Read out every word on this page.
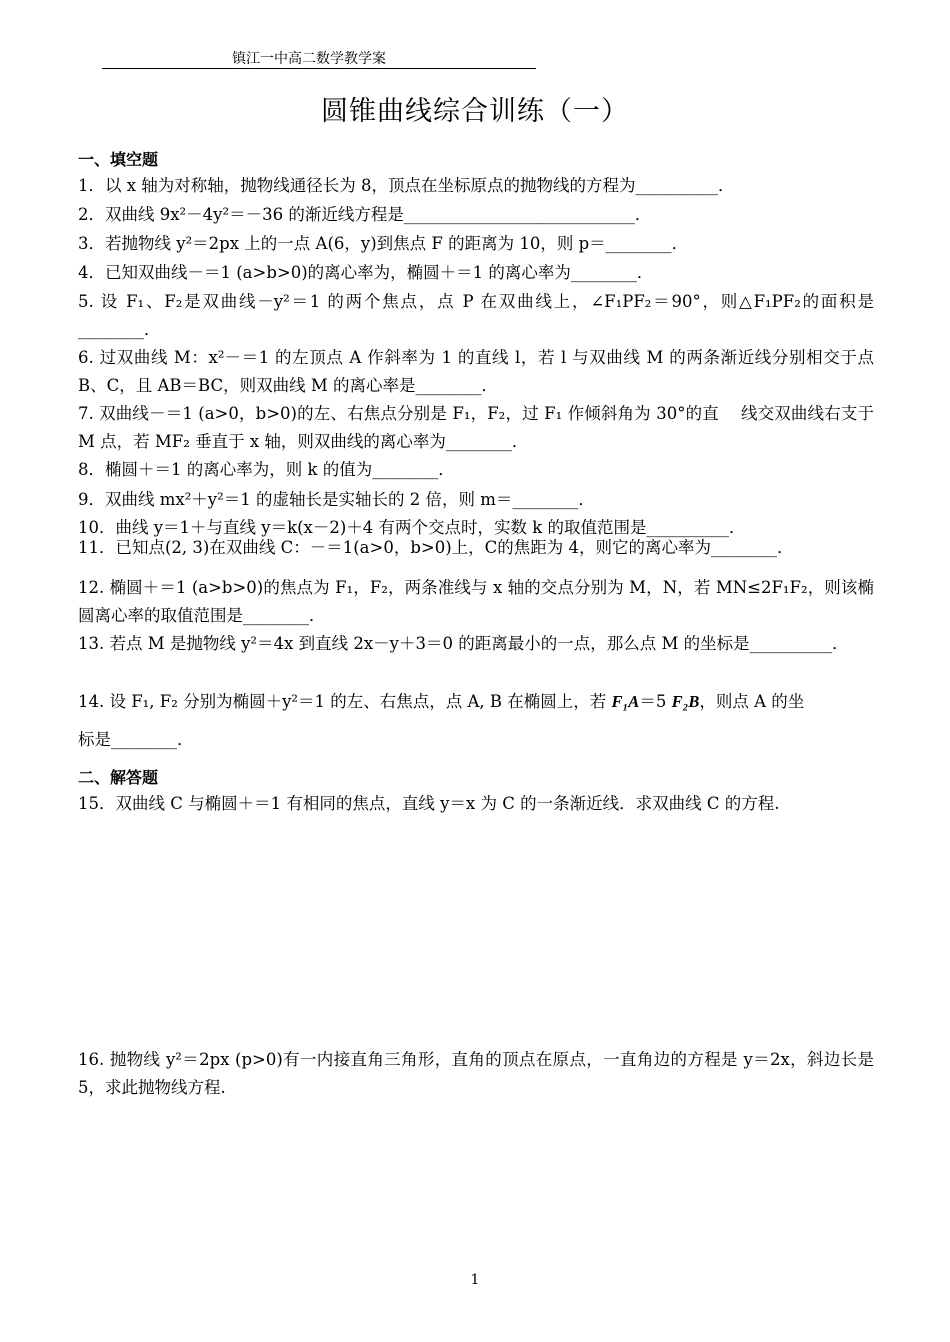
镇江一中高二数学教学案
圆锥曲线综合训练（一）
一、填空题
1．以 x 轴为对称轴，抛物线通径长为 8，顶点在坐标原点的抛物线的方程为__________．
2．双曲线 9x²－4y²＝－36 的渐近线方程是____________________________．
3．若抛物线 y²＝2px 上的一点 A(6，y)到焦点 F 的距离为 10，则 p＝________．
4．已知双曲线－＝1 (a>b>0)的离心率为，椭圆＋＝1 的离心率为________．
5. 设 F₁、F₂是双曲线－y²＝1 的两个焦点，点 P 在双曲线上，∠F₁PF₂＝90°，则△F₁PF₂的面积是________．
6. 过双曲线 M：x²－＝1 的左顶点 A 作斜率为 1 的直线 l，若 l 与双曲线 M 的两条渐近线分别相交于点 B、C，且 AB＝BC，则双曲线 M 的离心率是________．
7. 双曲线－＝1 (a>0，b>0)的左、右焦点分别是 F₁，F₂，过 F₁ 作倾斜角为 30°的直　 线交双曲线右支于 M 点，若 MF₂ 垂直于 x 轴，则双曲线的离心率为________．
8．椭圆＋＝1 的离心率为，则 k 的值为________．
9．双曲线 mx²＋y²＝1 的虚轴长是实轴长的 2 倍，则 m＝________．
10．曲线 y＝1＋与直线 y＝k(x－2)＋4 有两个交点时，实数 k 的取值范围是__________．
11．已知点(2, 3)在双曲线 C：－＝1(a>0，b>0)上，C的焦距为 4，则它的离心率为________．
12. 椭圆＋＝1 (a>b>0)的焦点为 F₁，F₂，两条准线与 x 轴的交点分别为 M，N，若 MN≤2F₁F₂，则该椭圆离心率的取值范围是________．
13. 若点 M 是抛物线 y²＝4x 到直线 2x－y＋3＝0 的距离最小的一点，那么点 M 的坐标是__________．
14. 设 F₁, F₂ 分别为椭圆＋y²＝1 的左、右焦点，点 A, B 在椭圆上，若 F₁A＝5 F₂B，则点 A 的坐
标是________．
二、解答题
15．双曲线 C 与椭圆＋＝1 有相同的焦点，直线 y＝x 为 C 的一条渐近线．求双曲线 C 的方程.
16. 抛物线 y²＝2px (p>0)有一内接直角三角形，直角的顶点在原点，一直角边的方程是 y＝2x，斜边长是 5，求此抛物线方程.
1
